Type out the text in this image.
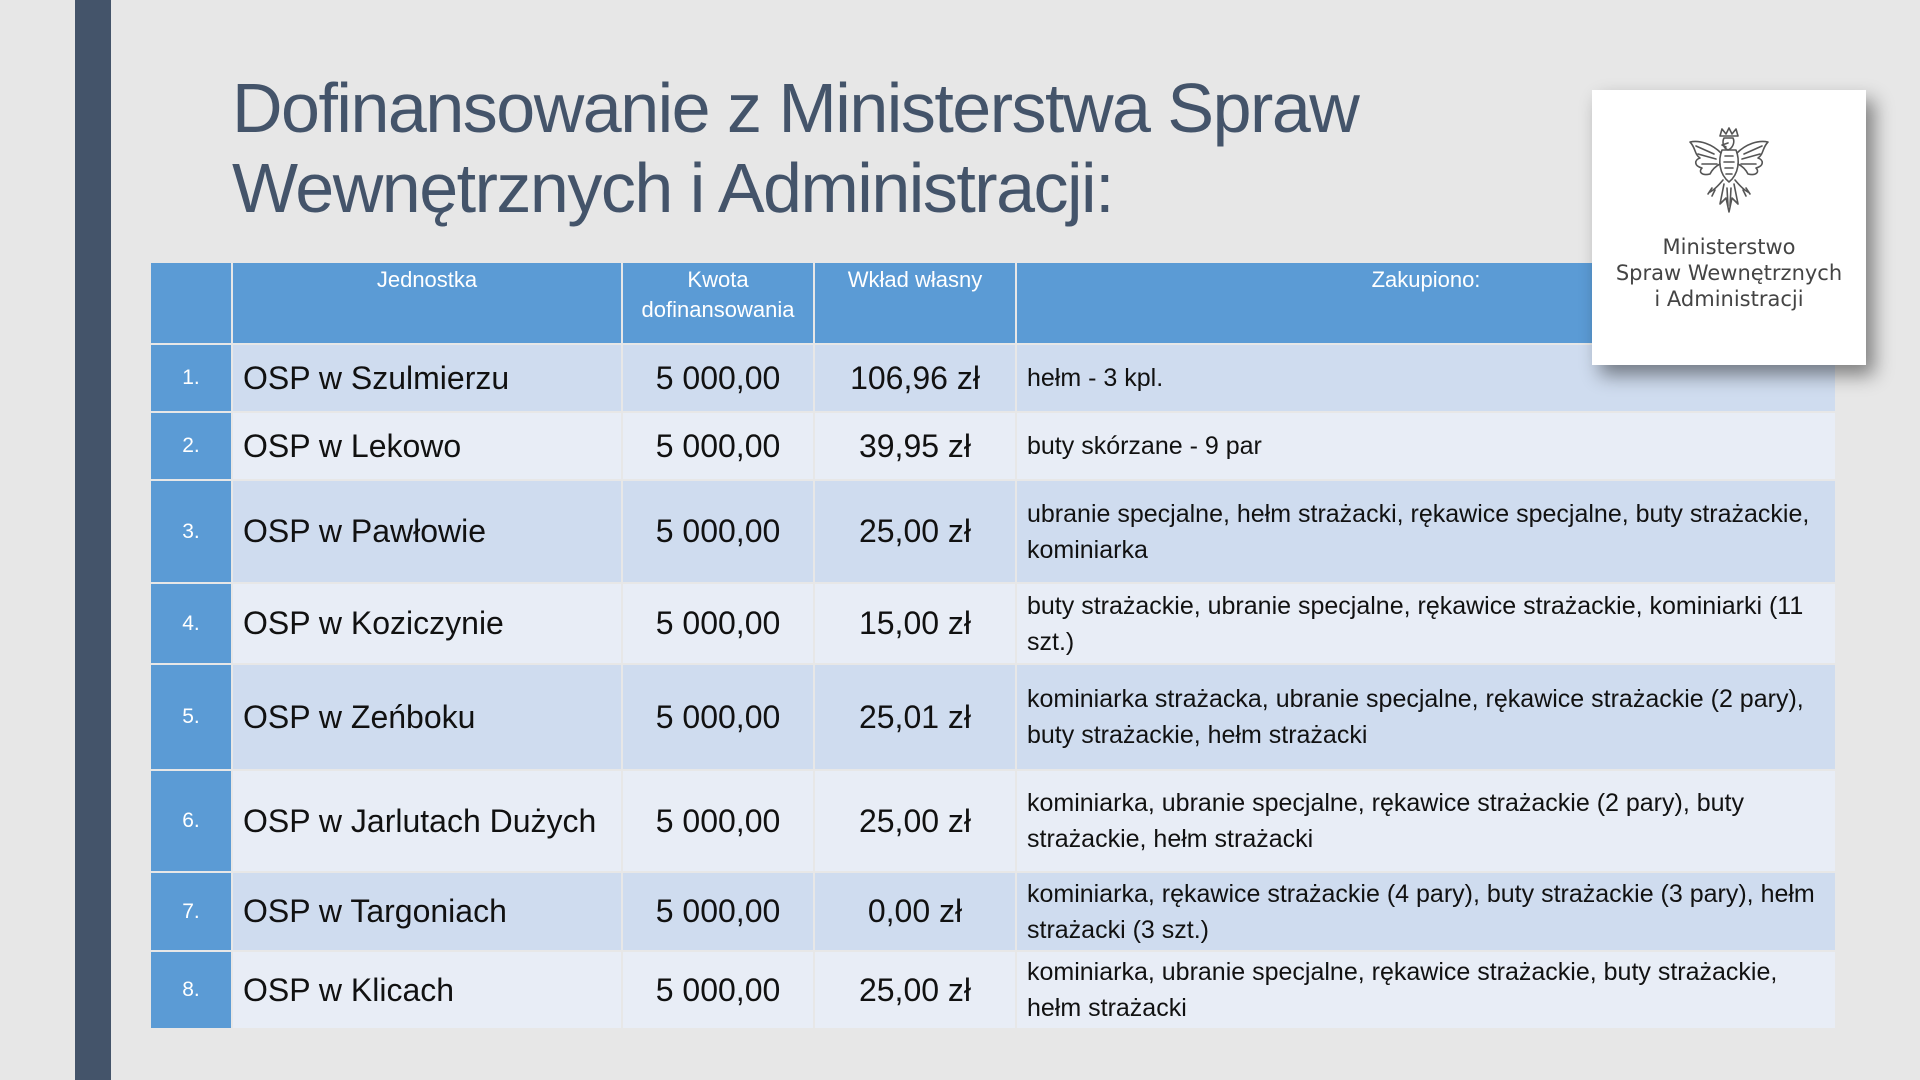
Dofinansowanie z Ministerstwa Spraw
Wewnętrznych i Administracji:
	Jednostka	Kwota dofinansowania	Wkład własny	Zakupiono:
1.	OSP w Szulmierzu	5 000,00	106,96 zł	hełm - 3 kpl.
2.	OSP w Lekowo	5 000,00	39,95 zł	buty skórzane - 9 par
3.	OSP w Pawłowie	5 000,00	25,00 zł	ubranie specjalne, hełm strażacki, rękawice specjalne, buty strażackie, kominiarka
4.	OSP w Koziczynie	5 000,00	15,00 zł	buty strażackie, ubranie specjalne, rękawice strażackie, kominiarki (11 szt.)
5.	OSP w Zeńboku	5 000,00	25,01 zł	kominiarka strażacka, ubranie specjalne, rękawice strażackie (2 pary), buty strażackie, hełm strażacki
6.	OSP w Jarlutach Dużych	5 000,00	25,00 zł	kominiarka, ubranie specjalne, rękawice strażackie (2 pary), buty strażackie, hełm strażacki
7.	OSP w Targoniach	5 000,00	0,00 zł	kominiarka, rękawice strażackie (4 pary), buty strażackie (3 pary), hełm strażacki (3 szt.)
8.	OSP w Klicach	5 000,00	25,00 zł	kominiarka, ubranie specjalne, rękawice strażackie, buty strażackie, hełm strażacki
Ministerstwo
Spraw Wewnętrznych
i Administracji
